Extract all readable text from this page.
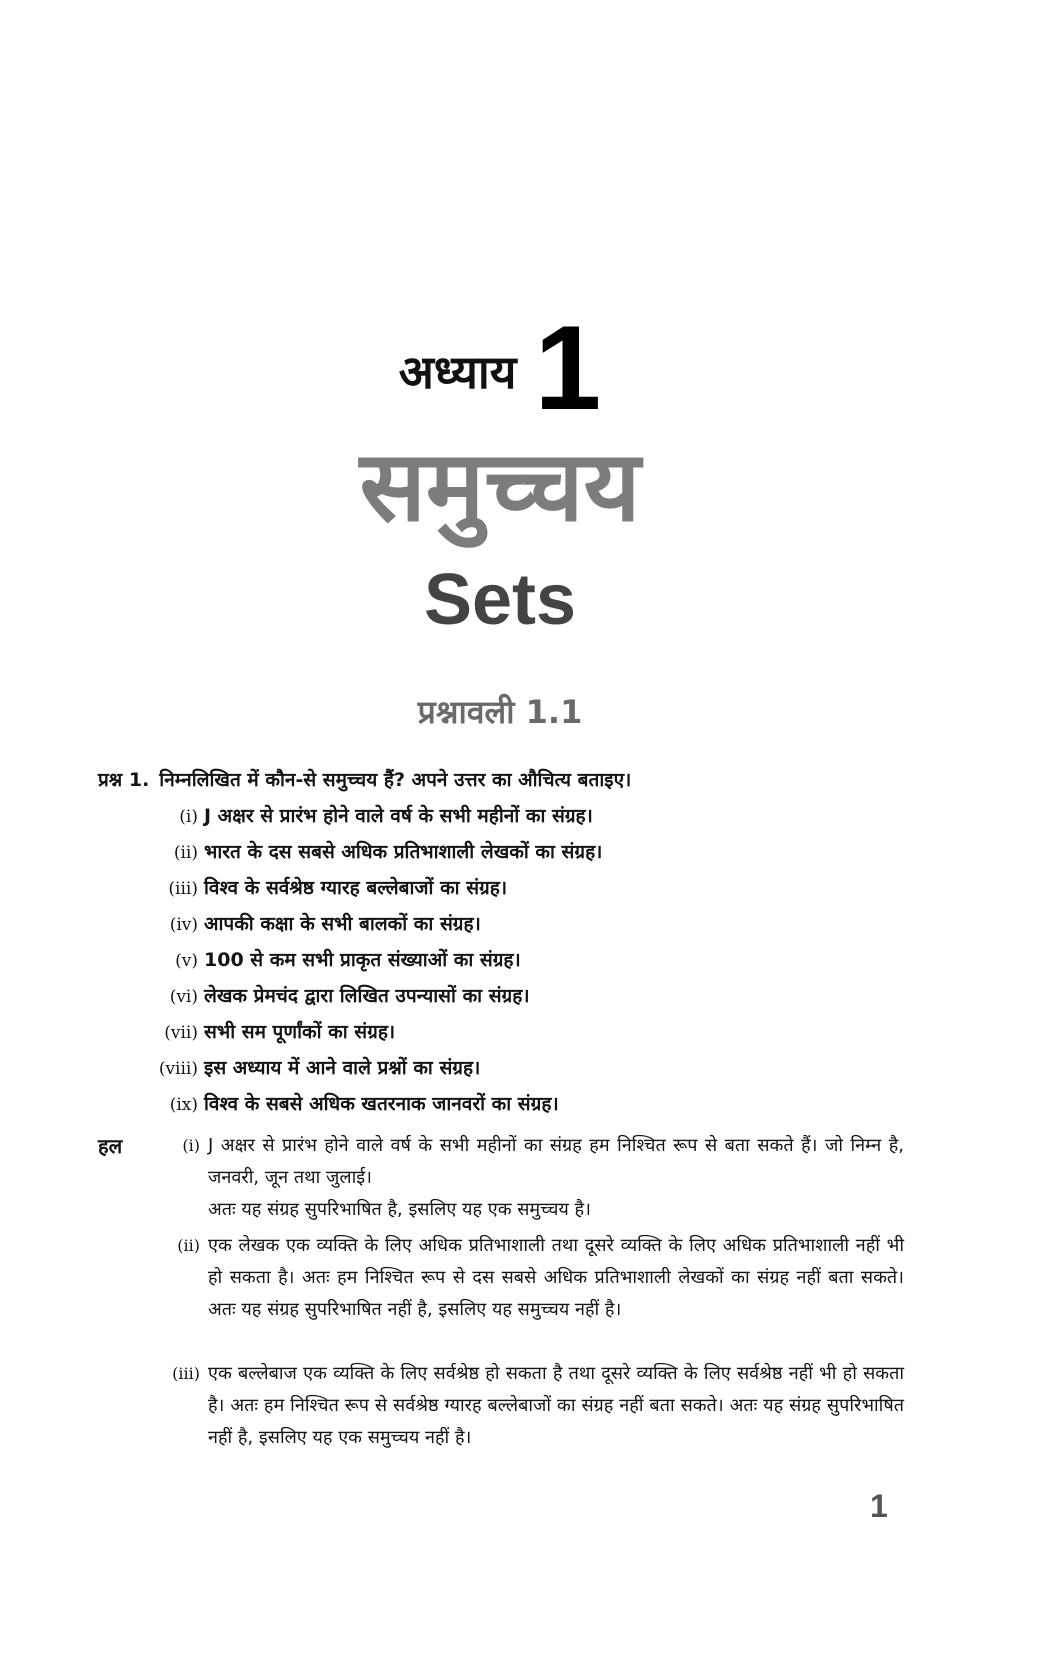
अध्याय 1
समुच्चय
Sets
प्रश्नावली 1.1
प्रश्न 1. निम्नलिखित में कौन-से समुच्चय हैं? अपने उत्तर का औचित्य बताइए।
(i) J अक्षर से प्रारंभ होने वाले वर्ष के सभी महीनों का संग्रह।
(ii) भारत के दस सबसे अधिक प्रतिभाशाली लेखकों का संग्रह।
(iii) विश्व के सर्वश्रेष्ठ ग्यारह बल्लेबाजों का संग्रह।
(iv) आपकी कक्षा के सभी बालकों का संग्रह।
(v) 100 से कम सभी प्राकृत संख्याओं का संग्रह।
(vi) लेखक प्रेमचंद द्वारा लिखित उपन्यासों का संग्रह।
(vii) सभी सम पूर्णांकों का संग्रह।
(viii) इस अध्याय में आने वाले प्रश्नों का संग्रह।
(ix) विश्व के सबसे अधिक खतरनाक जानवरों का संग्रह।
हल	(i) J अक्षर से प्रारंभ होने वाले वर्ष के सभी महीनों का संग्रह हम निश्चित रूप से बता सकते हैं। जो निम्न है, जनवरी, जून तथा जुलाई।
अतः यह संग्रह सुपरिभाषित है, इसलिए यह एक समुच्चय है।
(ii) एक लेखक एक व्यक्ति के लिए अधिक प्रतिभाशाली तथा दूसरे व्यक्ति के लिए अधिक प्रतिभाशाली नहीं भी हो सकता है। अतः हम निश्चित रूप से दस सबसे अधिक प्रतिभाशाली लेखकों का संग्रह नहीं बता सकते। अतः यह संग्रह सुपरिभाषित नहीं है, इसलिए यह समुच्चय नहीं है।
(iii) एक बल्लेबाज एक व्यक्ति के लिए सर्वश्रेष्ठ हो सकता है तथा दूसरे व्यक्ति के लिए सर्वश्रेष्ठ नहीं भी हो सकता है। अतः हम निश्चित रूप से सर्वश्रेष्ठ ग्यारह बल्लेबाजों का संग्रह नहीं बता सकते। अतः यह संग्रह सुपरिभाषित नहीं है, इसलिए यह एक समुच्चय नहीं है।
1
